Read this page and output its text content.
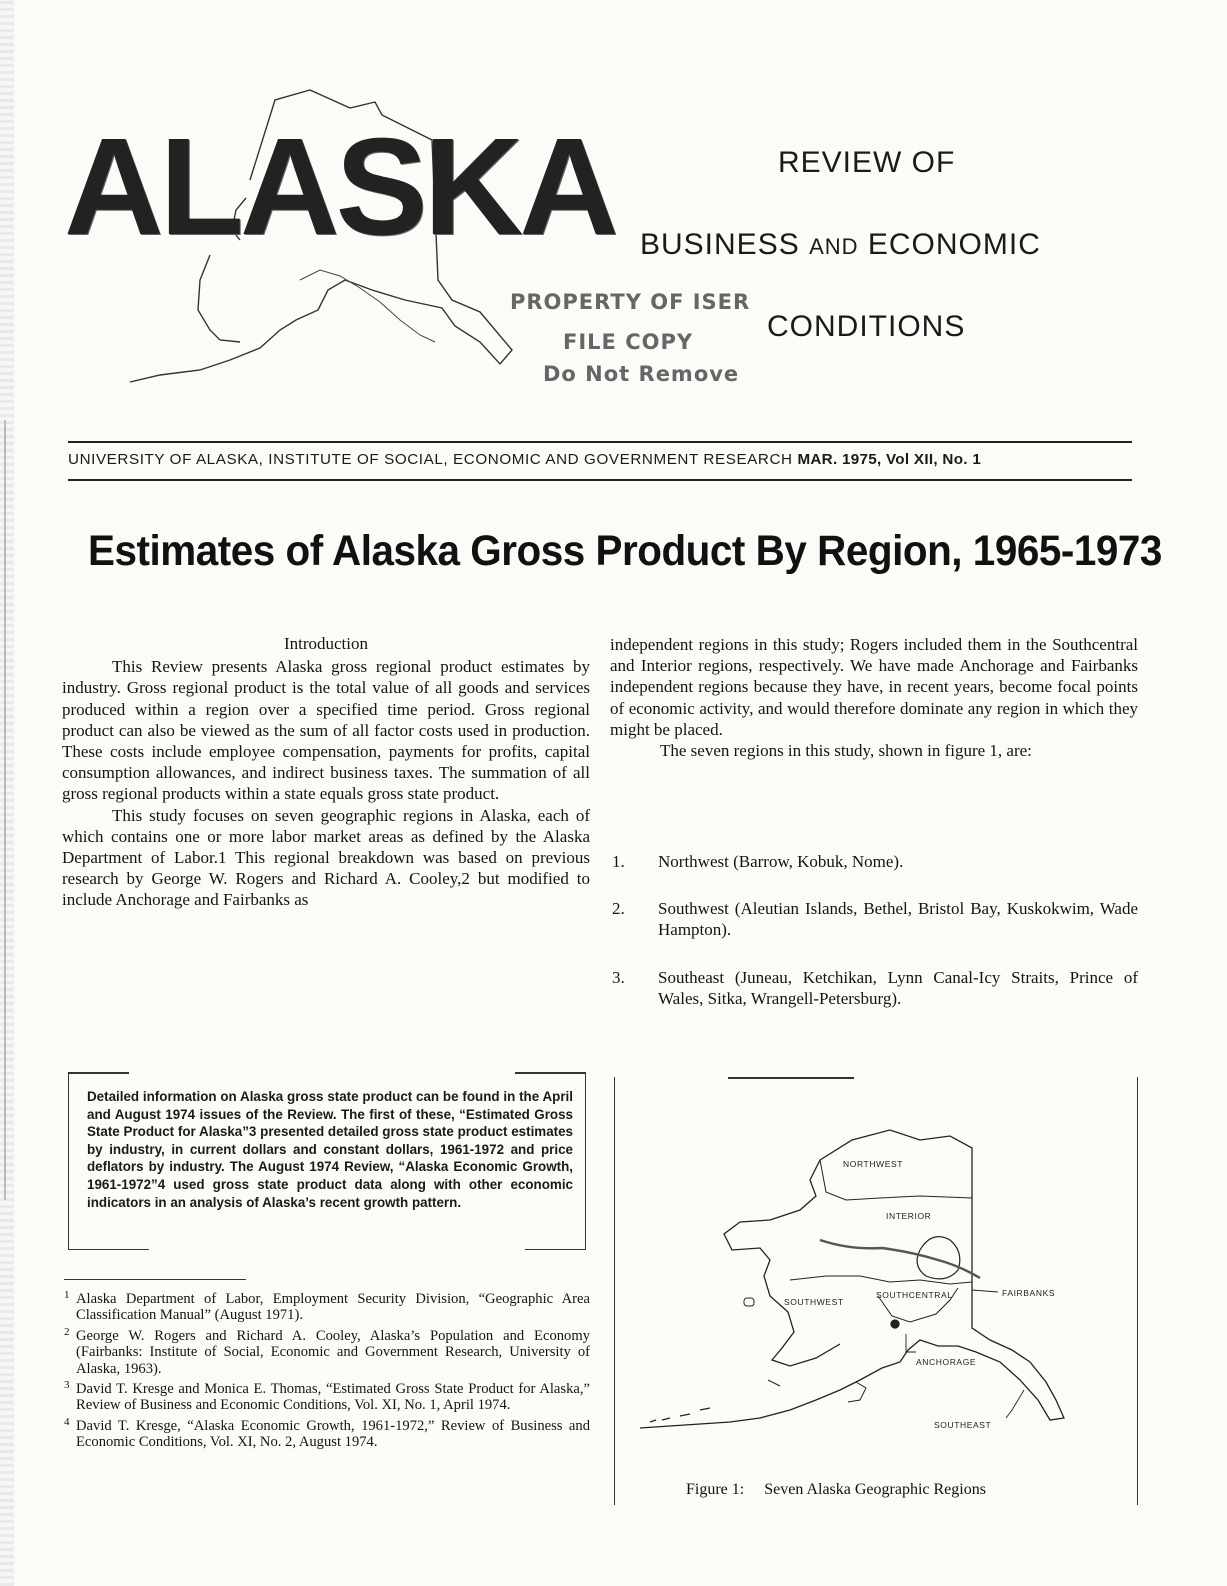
ALASKA	REVIEW OF
BUSINESS AND ECONOMIC
CONDITIONS
PROPERTY OF ISER
FILE COPY
Do Not Remove
UNIVERSITY OF ALASKA, INSTITUTE OF SOCIAL, ECONOMIC AND GOVERNMENT RESEARCH MAR. 1975, Vol XII, No. 1
Estimates of Alaska Gross Product By Region, 1965-1973
Introduction

This Review presents Alaska gross regional product estimates by industry. Gross regional product is the total value of all goods and services produced within a region over a specified time period. Gross regional product can also be viewed as the sum of all factor costs used in production. These costs include employee compensation, payments for profits, capital consumption allowances, and indirect business taxes. The summation of all gross regional products within a state equals gross state product.

This study focuses on seven geographic regions in Alaska, each of which contains one or more labor market areas as defined by the Alaska Department of Labor.1 This regional breakdown was based on previous research by George W. Rogers and Richard A. Cooley,2 but modified to include Anchorage and Fairbanks as

independent regions in this study; Rogers included them in the Southcentral and Interior regions, respectively. We have made Anchorage and Fairbanks independent regions because they have, in recent years, become focal points of economic activity, and would therefore dominate any region in which they might be placed.

The seven regions in this study, shown in figure 1, are:

1. Northwest (Barrow, Kobuk, Nome).
2. Southwest (Aleutian Islands, Bethel, Bristol Bay, Kuskokwim, Wade Hampton).
3. Southeast (Juneau, Ketchikan, Lynn Canal-Icy Straits, Prince of Wales, Sitka, Wrangell-Petersburg).
Detailed information on Alaska gross state product can be found in the April and August 1974 issues of the Review. The first of these, “Estimated Gross State Product for Alaska”3 presented detailed gross state product estimates by industry, in current dollars and constant dollars, 1961-1972 and price deflators by industry. The August 1974 Review, “Alaska Economic Growth, 1961-1972”4 used gross state product data along with other economic indicators in an analysis of Alaska’s recent growth pattern.
1 Alaska Department of Labor, Employment Security Division, “Geographic Area Classification Manual” (August 1971).
2 George W. Rogers and Richard A. Cooley, Alaska’s Population and Economy (Fairbanks: Institute of Social, Economic and Government Research, University of Alaska, 1963).
3 David T. Kresge and Monica E. Thomas, “Estimated Gross State Product for Alaska,” Review of Business and Economic Conditions, Vol. XI, No. 1, April 1974.
4 David T. Kresge, “Alaska Economic Growth, 1961-1972,” Review of Business and Economic Conditions, Vol. XI, No. 2, August 1974.
NORTHWEST
INTERIOR
SOUTHWEST
SOUTHCENTRAL	FAIRBANKS
ANCHORAGE
SOUTHEAST
Figure 1: Seven Alaska Geographic Regions
